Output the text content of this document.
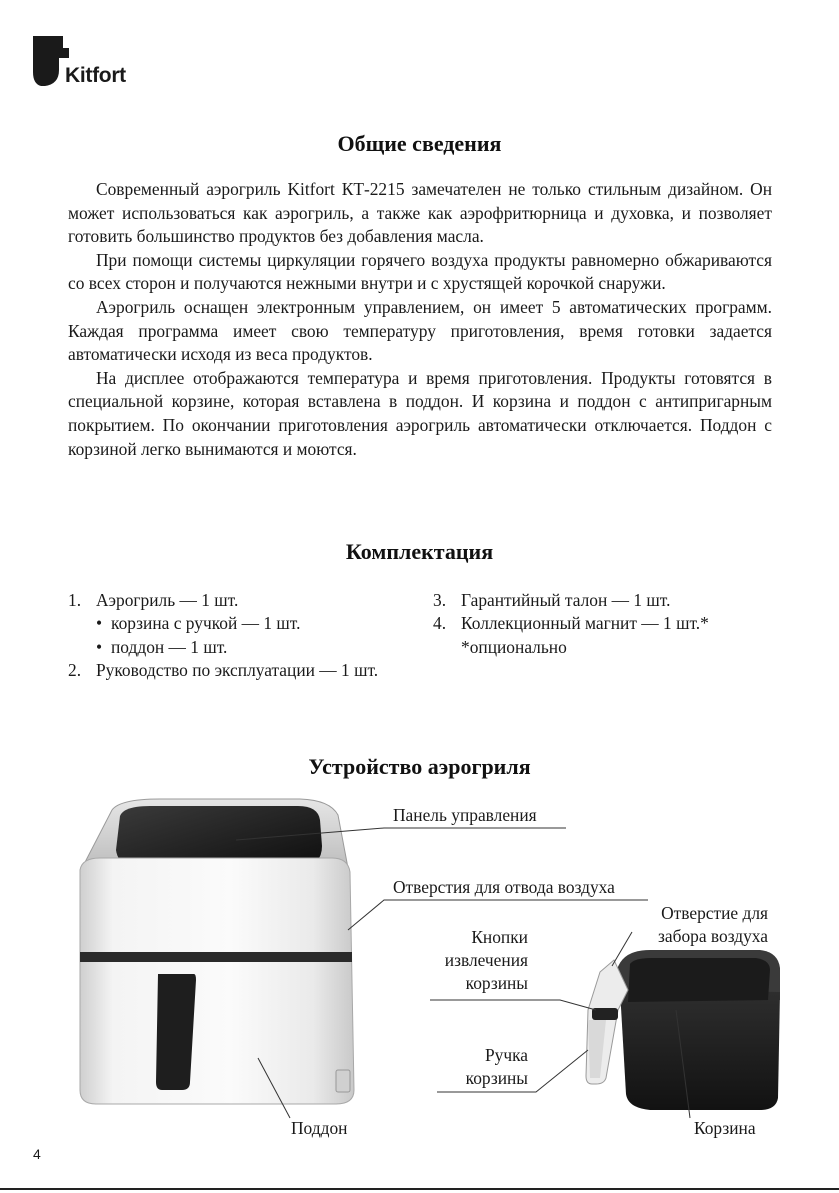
Kitfort
Общие сведения

Современный аэрогриль Kitfort КТ-2215 замечателен не только стильным дизайном. Он может использоваться как аэрогриль, а также как аэрофритюрница и духовка, и позволяет готовить большинство продуктов без добавления масла.

При помощи системы циркуляции горячего воздуха продукты равномерно обжариваются со всех сторон и получаются нежными внутри и с хрустящей корочкой снаружи.

Аэрогриль оснащен электронным управлением, он имеет 5 автоматических программ. Каждая программа имеет свою температуру приготовления, время готовки задается автоматически исходя из веса продуктов.

На дисплее отображаются температура и время приготовления. Продукты готовятся в специальной корзине, которая вставлена в поддон. И корзина и поддон с антипригарным покрытием. По окончании приготовления аэрогриль автоматически отключается. Поддон с корзиной легко вынимаются и моются.

Комплектация
1. Аэрогриль — 1 шт.
• корзина с ручкой — 1 шт.
• поддон — 1 шт.
2. Руководство по эксплуатации — 1 шт.
3. Гарантийный талон — 1 шт.
4. Коллекционный магнит — 1 шт.*
*опционально
Устройство аэрогриля
Панель управления
Отверстия для отвода воздуха
Отверстие для
забора воздуха
Кнопки
извлечения
корзины
Ручка
корзины
Поддон	Корзина
4
